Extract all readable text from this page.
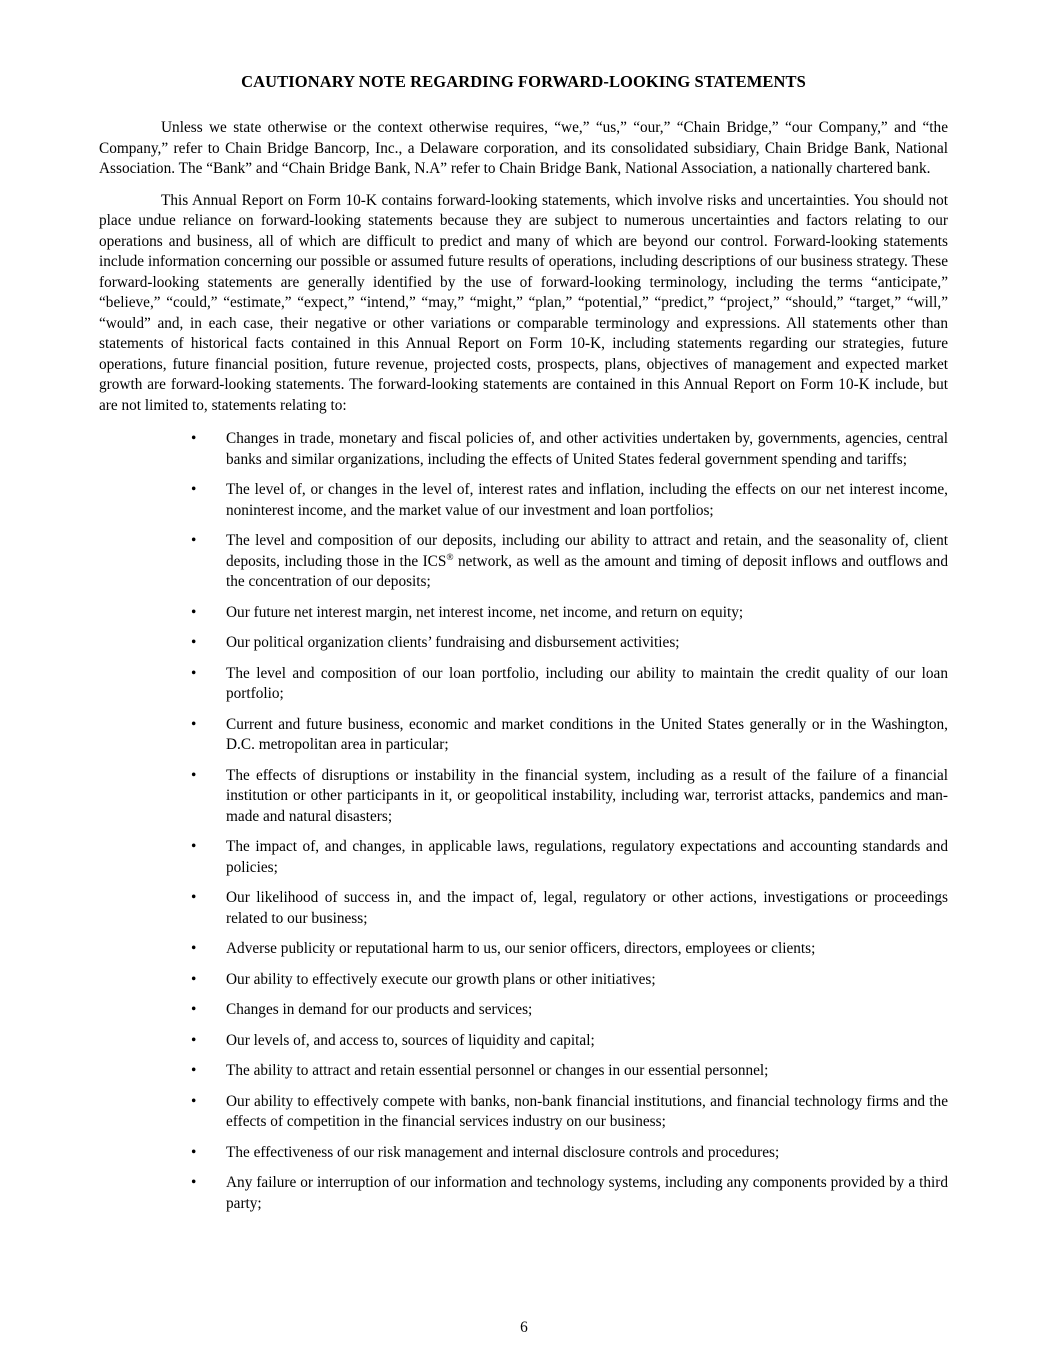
CAUTIONARY NOTE REGARDING FORWARD-LOOKING STATEMENTS

Unless we state otherwise or the context otherwise requires, “we,” “us,” “our,” “Chain Bridge,” “our Company,” and “the Company,” refer to Chain Bridge Bancorp, Inc., a Delaware corporation, and its consolidated subsidiary, Chain Bridge Bank, National Association. The “Bank” and “Chain Bridge Bank, N.A” refer to Chain Bridge Bank, National Association, a nationally chartered bank.

This Annual Report on Form 10-K contains forward-looking statements, which involve risks and uncertainties. You should not place undue reliance on forward-looking statements because they are subject to numerous uncertainties and factors relating to our operations and business, all of which are difficult to predict and many of which are beyond our control. Forward-looking statements include information concerning our possible or assumed future results of operations, including descriptions of our business strategy. These forward-looking statements are generally identified by the use of forward-looking terminology, including the terms “anticipate,” “believe,” “could,” “estimate,” “expect,” “intend,” “may,” “might,” “plan,” “potential,” “predict,” “project,” “should,” “target,” “will,” “would” and, in each case, their negative or other variations or comparable terminology and expressions. All statements other than statements of historical facts contained in this Annual Report on Form 10-K, including statements regarding our strategies, future operations, future financial position, future revenue, projected costs, prospects, plans, objectives of management and expected market growth are forward-looking statements. The forward-looking statements are contained in this Annual Report on Form 10-K include, but are not limited to, statements relating to:

•	Changes in trade, monetary and fiscal policies of, and other activities undertaken by, governments, agencies, central banks and similar organizations, including the effects of United States federal government spending and tariffs;
•	The level of, or changes in the level of, interest rates and inflation, including the effects on our net interest income, noninterest income, and the market value of our investment and loan portfolios;
•	The level and composition of our deposits, including our ability to attract and retain, and the seasonality of, client deposits, including those in the ICS® network, as well as the amount and timing of deposit inflows and outflows and the concentration of our deposits;
•	Our future net interest margin, net interest income, net income, and return on equity;
•	Our political organization clients’ fundraising and disbursement activities;
•	The level and composition of our loan portfolio, including our ability to maintain the credit quality of our loan portfolio;
•	Current and future business, economic and market conditions in the United States generally or in the Washington, D.C. metropolitan area in particular;
•	The effects of disruptions or instability in the financial system, including as a result of the failure of a financial institution or other participants in it, or geopolitical instability, including war, terrorist attacks, pandemics and man-made and natural disasters;
•	The impact of, and changes, in applicable laws, regulations, regulatory expectations and accounting standards and policies;
•	Our likelihood of success in, and the impact of, legal, regulatory or other actions, investigations or proceedings related to our business;
•	Adverse publicity or reputational harm to us, our senior officers, directors, employees or clients;
•	Our ability to effectively execute our growth plans or other initiatives;
•	Changes in demand for our products and services;
•	Our levels of, and access to, sources of liquidity and capital;
•	The ability to attract and retain essential personnel or changes in our essential personnel;
•	Our ability to effectively compete with banks, non-bank financial institutions, and financial technology firms and the effects of competition in the financial services industry on our business;
•	The effectiveness of our risk management and internal disclosure controls and procedures;
•	Any failure or interruption of our information and technology systems, including any components provided by a third party;
6
